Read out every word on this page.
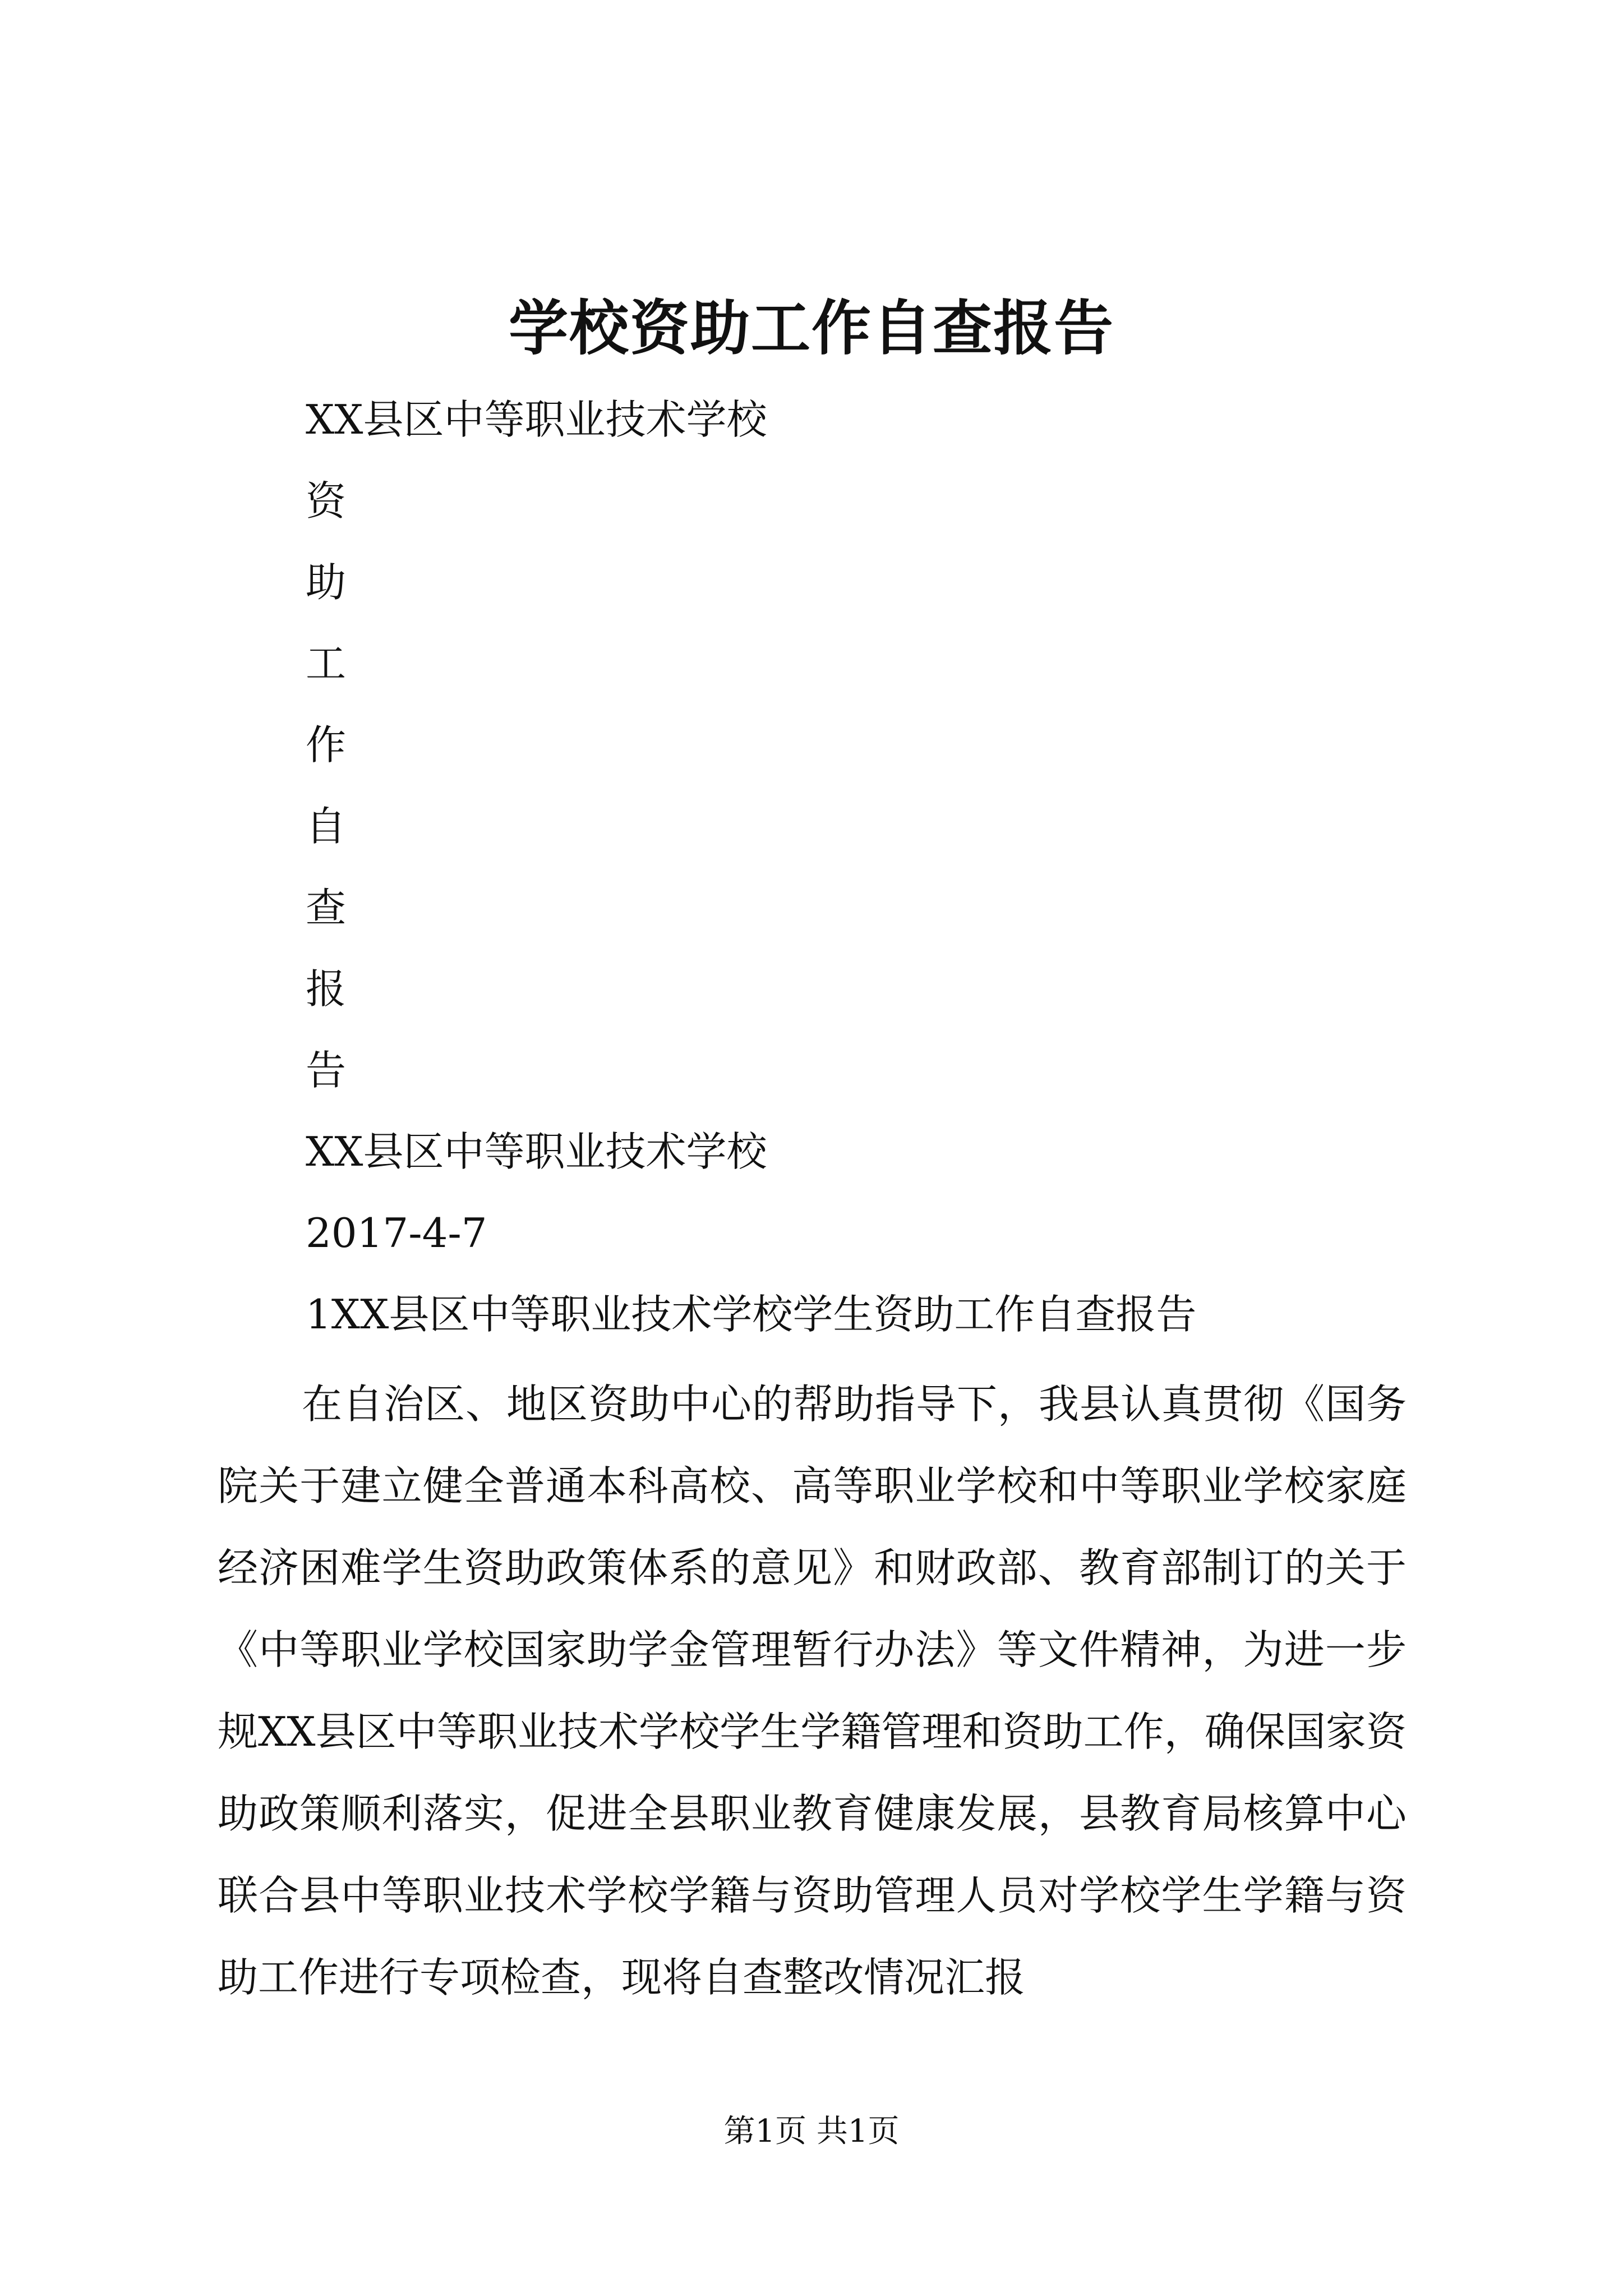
学校资助工作自查报告
XX县区中等职业技术学校
资
助
工
作
自
查
报
告
XX县区中等职业技术学校
2017-4-7
1XX县区中等职业技术学校学生资助工作自查报告

在自治区、地区资助中心的帮助指导下，我县认真贯彻《国务院关于建立健全普通本科高校、高等职业学校和中等职业学校家庭经济困难学生资助政策体系的意见》和财政部、教育部制订的关于《中等职业学校国家助学金管理暂行办法》等文件精神，为进一步规XX县区中等职业技术学校学生学籍管理和资助工作，确保国家资助政策顺利落实，促进全县职业教育健康发展，县教育局核算中心联合县中等职业技术学校学籍与资助管理人员对学校学生学籍与资助工作进行专项检查，现将自查整改情况汇报

第1页 共1页
